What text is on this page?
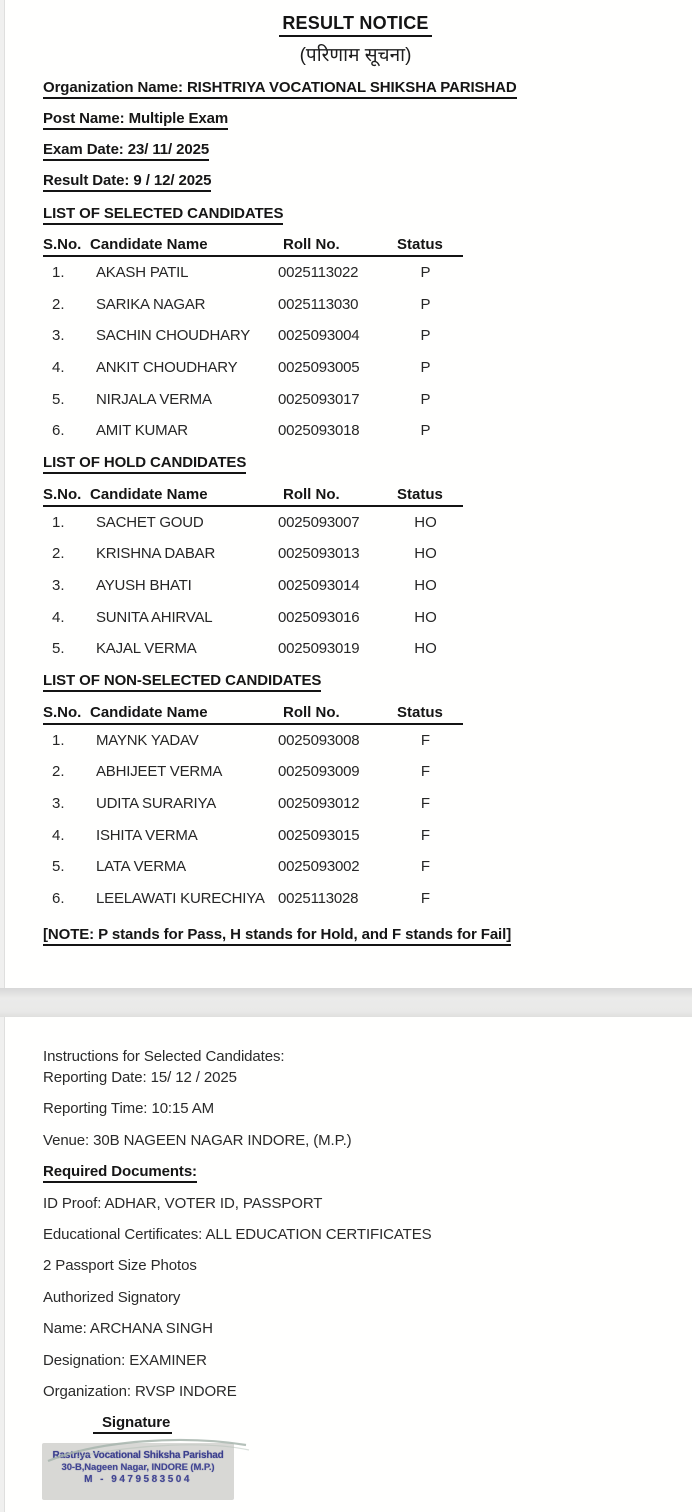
RESULT NOTICE
(परिणाम सूचना)
Organization Name: RISHTRIYA VOCATIONAL SHIKSHA PARISHAD
Post Name: Multiple Exam
Exam Date: 23/ 11/ 2025
Result Date: 9 / 12/ 2025
LIST OF SELECTED CANDIDATES
S.No. Candidate Name	Roll No.	Status
1.	AKASH PATIL	0025113022	P
2.	SARIKA NAGAR	0025113030	P
3.	SACHIN CHOUDHARY	0025093004	P
4.	ANKIT CHOUDHARY	0025093005	P
5.	NIRJALA VERMA	0025093017	P
6.	AMIT KUMAR	0025093018	P
LIST OF HOLD CANDIDATES
S.No. Candidate Name	Roll No.	Status
1.	SACHET GOUD	0025093007	HO
2.	KRISHNA DABAR	0025093013	HO
3.	AYUSH BHATI	0025093014	HO
4.	SUNITA AHIRVAL	0025093016	HO
5.	KAJAL VERMA	0025093019	HO
LIST OF NON-SELECTED CANDIDATES
S.No. Candidate Name	Roll No.	Status
1.	MAYNK YADAV	0025093008	F
2.	ABHIJEET VERMA	0025093009	F
3.	UDITA SURARIYA	0025093012	F
4.	ISHITA VERMA	0025093015	F
5.	LATA VERMA	0025093002	F
6.	LEELAWATI KURECHIYA 0025113028	F
[NOTE: P stands for Pass, H stands for Hold, and F stands for Fail]
Instructions for Selected Candidates:
Reporting Date: 15/ 12 / 2025
Reporting Time: 10:15 AM
Venue: 30B NAGEEN NAGAR INDORE, (M.P.)
Required Documents:
ID Proof: ADHAR, VOTER ID, PASSPORT
Educational Certificates: ALL EDUCATION CERTIFICATES
2 Passport Size Photos
Authorized Signatory
Name: ARCHANA SINGH
Designation: EXAMINER
Organization: RVSP INDORE
Signature
Rastriya Vocational Shiksha Parishad
30-B,Nageen Nagar, INDORE (M.P.)
M - 9479583504
